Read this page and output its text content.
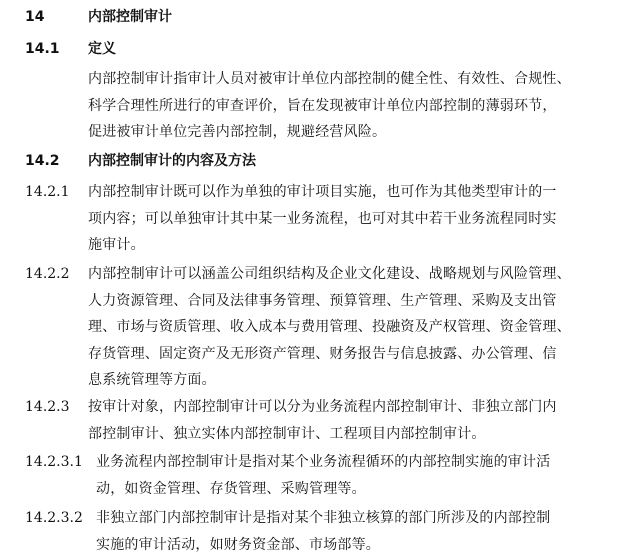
14	内部控制审计
14.1 定义
内部控制审计指审计人员对被审计单位内部控制的健全性、有效性、合规性、
科学合理性所进行的审查评价，旨在发现被审计单位内部控制的薄弱环节，
促进被审计单位完善内部控制，规避经营风险。
14.2 内部控制审计的内容及方法
14.2.1 内部控制审计既可以作为单独的审计项目实施，也可作为其他类型审计的一
项内容；可以单独审计其中某一业务流程，也可对其中若干业务流程同时实
施审计。
14.2.2 内部控制审计可以涵盖公司组织结构及企业文化建设、战略规划与风险管理、
人力资源管理、合同及法律事务管理、预算管理、生产管理、采购及支出管
理、市场与资质管理、收入成本与费用管理、投融资及产权管理、资金管理、
存货管理、固定资产及无形资产管理、财务报告与信息披露、办公管理、信
息系统管理等方面。
14.2.3 按审计对象，内部控制审计可以分为业务流程内部控制审计、非独立部门内
部控制审计、独立实体内部控制审计、工程项目内部控制审计。
14.2.3.1 业务流程内部控制审计是指对某个业务流程循环的内部控制实施的审计活
动，如资金管理、存货管理、采购管理等。
14.2.3.2 非独立部门内部控制审计是指对某个非独立核算的部门所涉及的内部控制
实施的审计活动，如财务资金部、市场部等。
